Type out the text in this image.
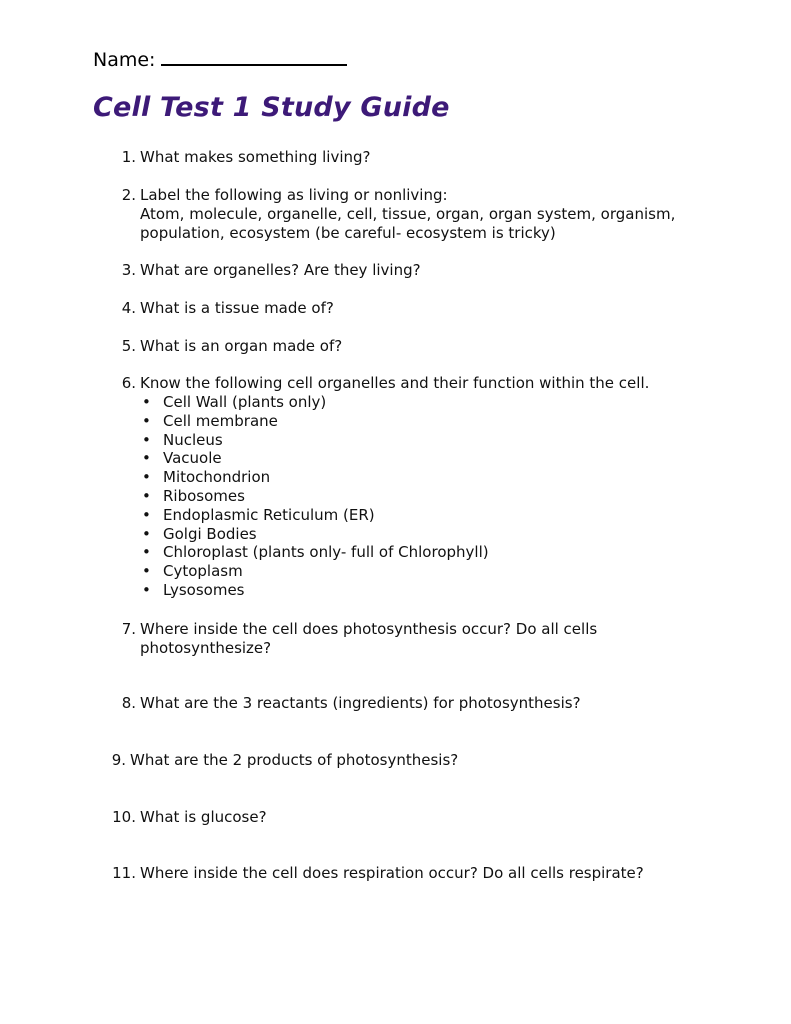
Name:
Cell Test 1 Study Guide
1. What makes something living?
2. Label the following as living or nonliving:
Atom, molecule, organelle, cell, tissue, organ, organ system, organism,
population, ecosystem (be careful- ecosystem is tricky)
3. What are organelles? Are they living?
4. What is a tissue made of?
5. What is an organ made of?
6. Know the following cell organelles and their function within the cell.
• Cell Wall (plants only)
• Cell membrane
• Nucleus
• Vacuole
• Mitochondrion
• Ribosomes
• Endoplasmic Reticulum (ER)
• Golgi Bodies
• Chloroplast (plants only- full of Chlorophyll)
• Cytoplasm
• Lysosomes
7. Where inside the cell does photosynthesis occur? Do all cells
photosynthesize?
8. What are the 3 reactants (ingredients) for photosynthesis?
9. What are the 2 products of photosynthesis?
10. What is glucose?
11. Where inside the cell does respiration occur? Do all cells respirate?
